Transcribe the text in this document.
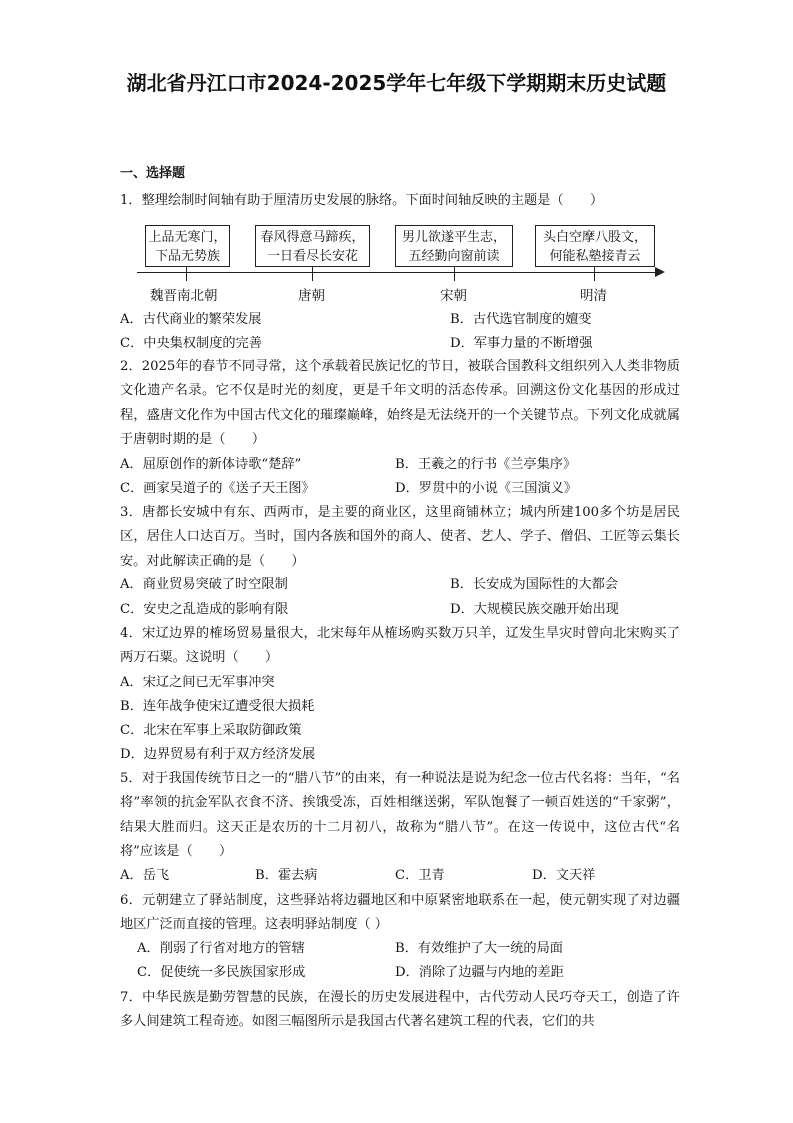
湖北省丹江口市2024-2025学年七年级下学期期末历史试题
一、选择题
1．整理绘制时间轴有助于厘清历史发展的脉络。下面时间轴反映的主题是（　　）
上品无寒门，
下品无势族
春风得意马蹄疾，
一日看尽长安花
男儿欲遂平生志，
五经勤向窗前读
头白空摩八股文，
何能私塾接青云
魏晋南北朝	唐朝	宋朝	明清
A．古代商业的繁荣发展	B．古代选官制度的嬗变
C．中央集权制度的完善	D．军事力量的不断增强
2．2025年的春节不同寻常，这个承载着民族记忆的节日，被联合国教科文组织列入人类非物质文化遗产名录。它不仅是时光的刻度，更是千年文明的活态传承。回溯这份文化基因的形成过程，盛唐文化作为中国古代文化的璀璨巅峰，始终是无法绕开的一个关键节点。下列文化成就属于唐朝时期的是（　　）
A．屈原创作的新体诗歌“楚辞”	B．王羲之的行书《兰亭集序》
C．画家吴道子的《送子天王图》	D．罗贯中的小说《三国演义》
3．唐都长安城中有东、西两市，是主要的商业区，这里商铺林立；城内所建100多个坊是居民区，居住人口达百万。当时，国内各族和国外的商人、使者、艺人、学子、僧侣、工匠等云集长安。对此解读正确的是（　　）
A．商业贸易突破了时空限制	B．长安成为国际性的大都会
C．安史之乱造成的影响有限	D．大规模民族交融开始出现
4．宋辽边界的榷场贸易量很大，北宋每年从榷场购买数万只羊，辽发生旱灾时曾向北宋购买了两万石粟。这说明（　　）
A．宋辽之间已无军事冲突
B．连年战争使宋辽遭受很大损耗
C．北宋在军事上采取防御政策
D．边界贸易有利于双方经济发展
5．对于我国传统节日之一的“腊八节”的由来，有一种说法是说为纪念一位古代名将：当年，“名将”率领的抗金军队衣食不济、挨饿受冻，百姓相继送粥，军队饱餐了一顿百姓送的“千家粥”，结果大胜而归。这天正是农历的十二月初八，故称为“腊八节”。在这一传说中，这位古代“名将”应该是（　　）
A．岳飞	B．霍去病	C．卫青	D．文天祥
6．元朝建立了驿站制度，这些驿站将边疆地区和中原紧密地联系在一起，使元朝实现了对边疆地区广泛而直接的管理。这表明驿站制度（ ）
A．削弱了行省对地方的管辖	B．有效维护了大一统的局面
C．促使统一多民族国家形成	D．消除了边疆与内地的差距
7．中华民族是勤劳智慧的民族，在漫长的历史发展进程中，古代劳动人民巧夺天工，创造了许多人间建筑工程奇迹。如图三幅图所示是我国古代著名建筑工程的代表，它们的共
